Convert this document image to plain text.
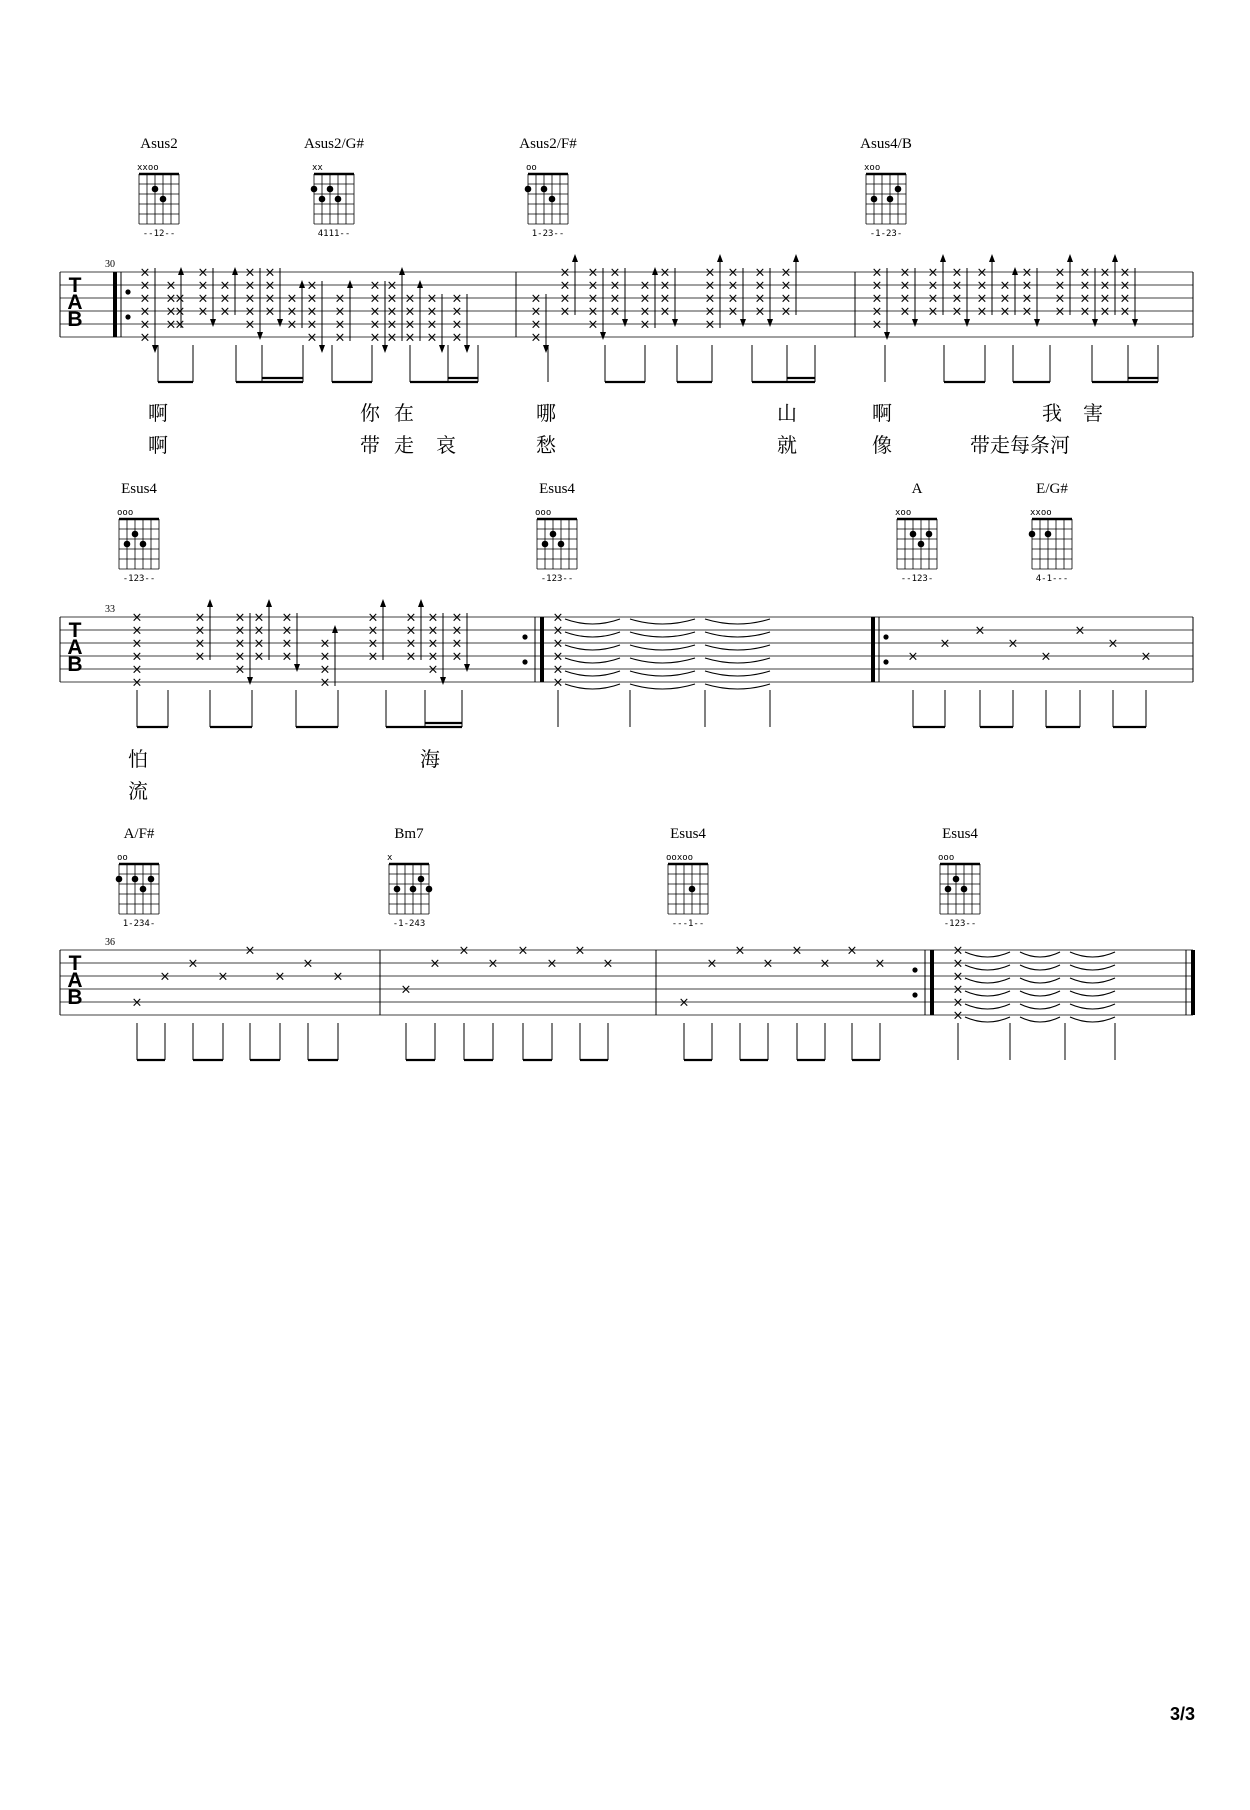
Asus2
xxoo
--12--
Asus2/G#
xx
4111--
Asus2/F#
oo
1-23--
Asus4/B
xoo
-1-23-
Esus4
ooo
-123--
Esus4
ooo
-123--
A
xoo
--123-
E/G#
xxoo
4-1---
A/F#
oo
1-234-
Bm7
x
-1-243
Esus4
ooxoo
---1--
Esus4
ooo
-123--
T
A
B
30
T
A
B
33
T
A
B
36
×
×
×
×
×
×
×
×
×
×
×
×
×
×
×
×
×
×
×
×
×
×
×
×
×
×
×
×
×
×
×
×
×
×
×
×
×
×
×
×
×
×
×
×
×
×
×
×
×
×
×
×
×
×
×
×
×
×
×
×
×
×
×
×
×
×
×
×
×
×
×
×
×
×
×
×
×
×
×
×
×
×
×
×
×
×
×
×
×
×
×
×
×
×
×
×
×
×
×
×
×
×
×
×
×
×
×
×
×
×
×
×
×
×
×
×
×
×
×
×
×
×
×
×
×
×
×
×
×
×
×
×
×
×
×
×
×
×
×
×
×
×
×
×
×
×
×
×
×
×
×
×
×
×
×
×
×
×
×
×
×
×
×
×
×
×
×
×
×
×
×
×
×
×
×
×
×
×
×
×
×
×
×
×
×
×
×
×
×
×
×
×
×
×
×
×
×
×
×
×
×
×
×
×
×
×
×
×
×
×
×
×
×
×
×
×
×
×
×
×
×
×
×
×
×
×
×
×
×
×
×
×
×
×
×
×
×
啊	你 在	哪	山	啊	我 害
啊	带 走 哀	愁	就	像	带走每条河
怕	海
流
3/3
